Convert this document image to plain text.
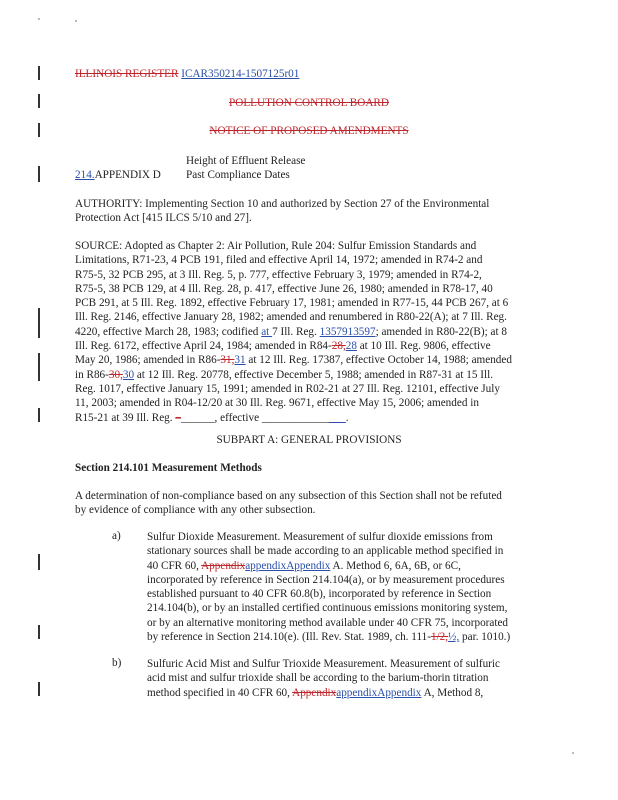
ILLINOIS REGISTER ICAR350214-1507125r01
POLLUTION CONTROL BOARD
NOTICE OF PROPOSED AMENDMENTS
Height of Effluent Release
214.APPENDIX D Past Compliance Dates
AUTHORITY: Implementing Section 10 and authorized by Section 27 of the Environmental
Protection Act [415 ILCS 5/10 and 27].
SOURCE: Adopted as Chapter 2: Air Pollution, Rule 204: Sulfur Emission Standards and
Limitations, R71-23, 4 PCB 191, filed and effective April 14, 1972; amended in R74-2 and
R75-5, 32 PCB 295, at 3 Ill. Reg. 5, p. 777, effective February 3, 1979; amended in R74-2,
R75-5, 38 PCB 129, at 4 Ill. Reg. 28, p. 417, effective June 26, 1980; amended in R78-17, 40
PCB 291, at 5 Ill. Reg. 1892, effective February 17, 1981; amended in R77-15, 44 PCB 267, at 6
Ill. Reg. 2146, effective January 28, 1982; amended and renumbered in R80-22(A); at 7 Ill. Reg.
4220, effective March 28, 1983; codified at 7 Ill. Reg. 1357913597; amended in R80-22(B); at 8
Ill. Reg. 6172, effective April 24, 1984; amended in R84-28,28 at 10 Ill. Reg. 9806, effective
May 20, 1986; amended in R86-31,31 at 12 Ill. Reg. 17387, effective October 14, 1988; amended
in R86-30,30 at 12 Ill. Reg. 20778, effective December 5, 1988; amended in R87-31 at 15 Ill.
Reg. 1017, effective January 15, 1991; amended in R02-21 at 27 Ill. Reg. 12101, effective July
11, 2003; amended in R04-12/20 at 30 Ill. Reg. 9671, effective May 15, 2006; amended in
R15-21 at 39 Ill. Reg. –______, effective _______________.
SUBPART A: GENERAL PROVISIONS
Section 214.101 Measurement Methods
A determination of non-compliance based on any subsection of this Section shall not be refuted
by evidence of compliance with any other subsection.
a) Sulfur Dioxide Measurement. Measurement of sulfur dioxide emissions from
stationary sources shall be made according to an applicable method specified in
40 CFR 60, AppendixappendixAppendix A. Method 6, 6A, 6B, or 6C,
incorporated by reference in Section 214.104(a), or by measurement procedures
established pursuant to 40 CFR 60.8(b), incorporated by reference in Section
214.104(b), or by an installed certified continuous emissions monitoring system,
or by an alternative monitoring method available under 40 CFR 75, incorporated
by reference in Section 214.10(e). (Ill. Rev. Stat. 1989, ch. 111-1/2,½, par. 1010.)
b) Sulfuric Acid Mist and Sulfur Trioxide Measurement. Measurement of sulfuric
acid mist and sulfur trioxide shall be according to the barium-thorin titration
method specified in 40 CFR 60, AppendixappendixAppendix A, Method 8,
